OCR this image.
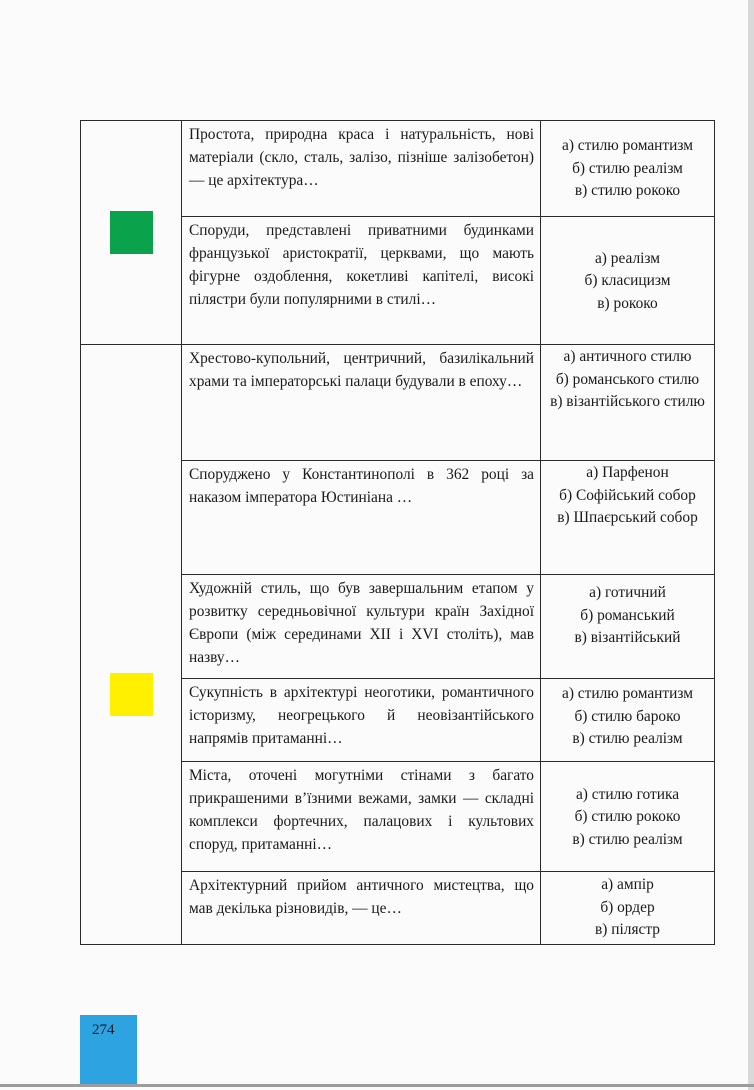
	Простота, природна краса і натуральність, нові матеріали (скло, сталь, залізо, пізніше залізобетон) — це архітектура…	а) стилю романтизм
б) стилю реалізм
в) стилю рококо

	Споруди, представлені приватними будинками французької аристократії, церквами, що мають фігурне оздоблення, кокетливі капітелі, високі пілястри були популярними в стилі…	а) реалізм
б) класицизм
в) рококо

	Хрестово-купольний, центричний, базилікальний храми та імператорські палаци будували в епоху…	а) античного стилю
б) романського стилю
в) візантійського стилю

	Споруджено у Константинополі в 362 році за наказом імператора Юстиніана …	а) Парфенон
б) Софійський собор
в) Шпаєрський собор

	Художній стиль, що був завершальним етапом у розвитку середньовічної культури країн Західної Європи (між серединами XII і XVI століть), мав назву…	а) готичний
б) романський
в) візантійський

	Сукупність в архітектурі неоготики, романтичного історизму, неогрецького й неовізантійського напрямів притаманні…	а) стилю романтизм
б) стилю бароко
в) стилю реалізм

	Міста, оточені могутніми стінами з багато прикрашеними в’їзними вежами, замки — складні комплекси фортечних, палацових і культових споруд, притаманні…	а) стилю готика
б) стилю рококо
в) стилю реалізм

	Архітектурний прийом античного мистецтва, що мав декілька різновидів, — це…	а) ампір
б) ордер
в) пілястр
274
